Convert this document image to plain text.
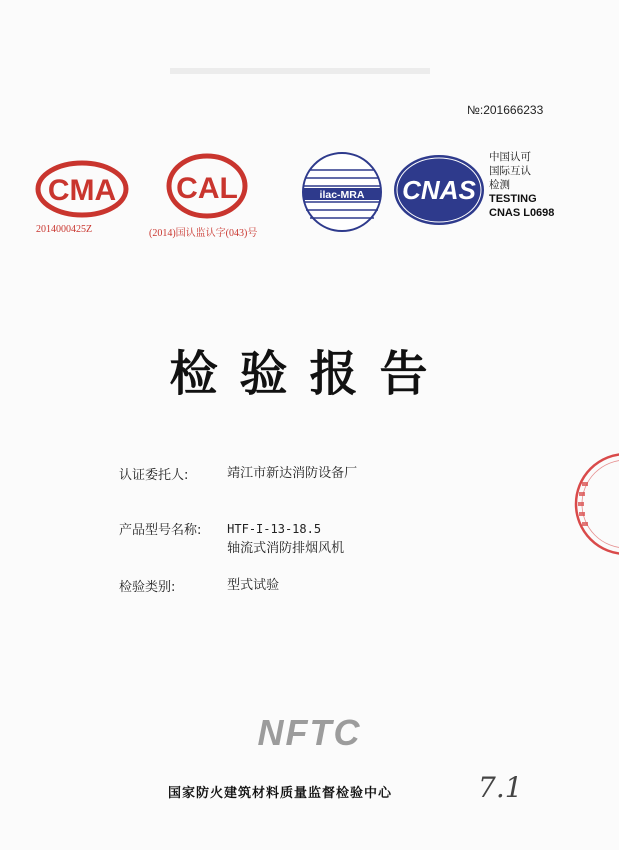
№:201666233
CMA
2014000425Z
CAL
(2014)国认监认字(043)号
ilac-MRA CNAS
中国认可
国际互认
检测
TESTING
CNAS L0698
检验报告
认证委托人:	靖江市新达消防设备厂
产品型号名称: HTF-I-13-18.5
轴流式消防排烟风机
检验类别:	型式试验
NFTC
国家防火建筑材料质量监督检验中心	7.1
